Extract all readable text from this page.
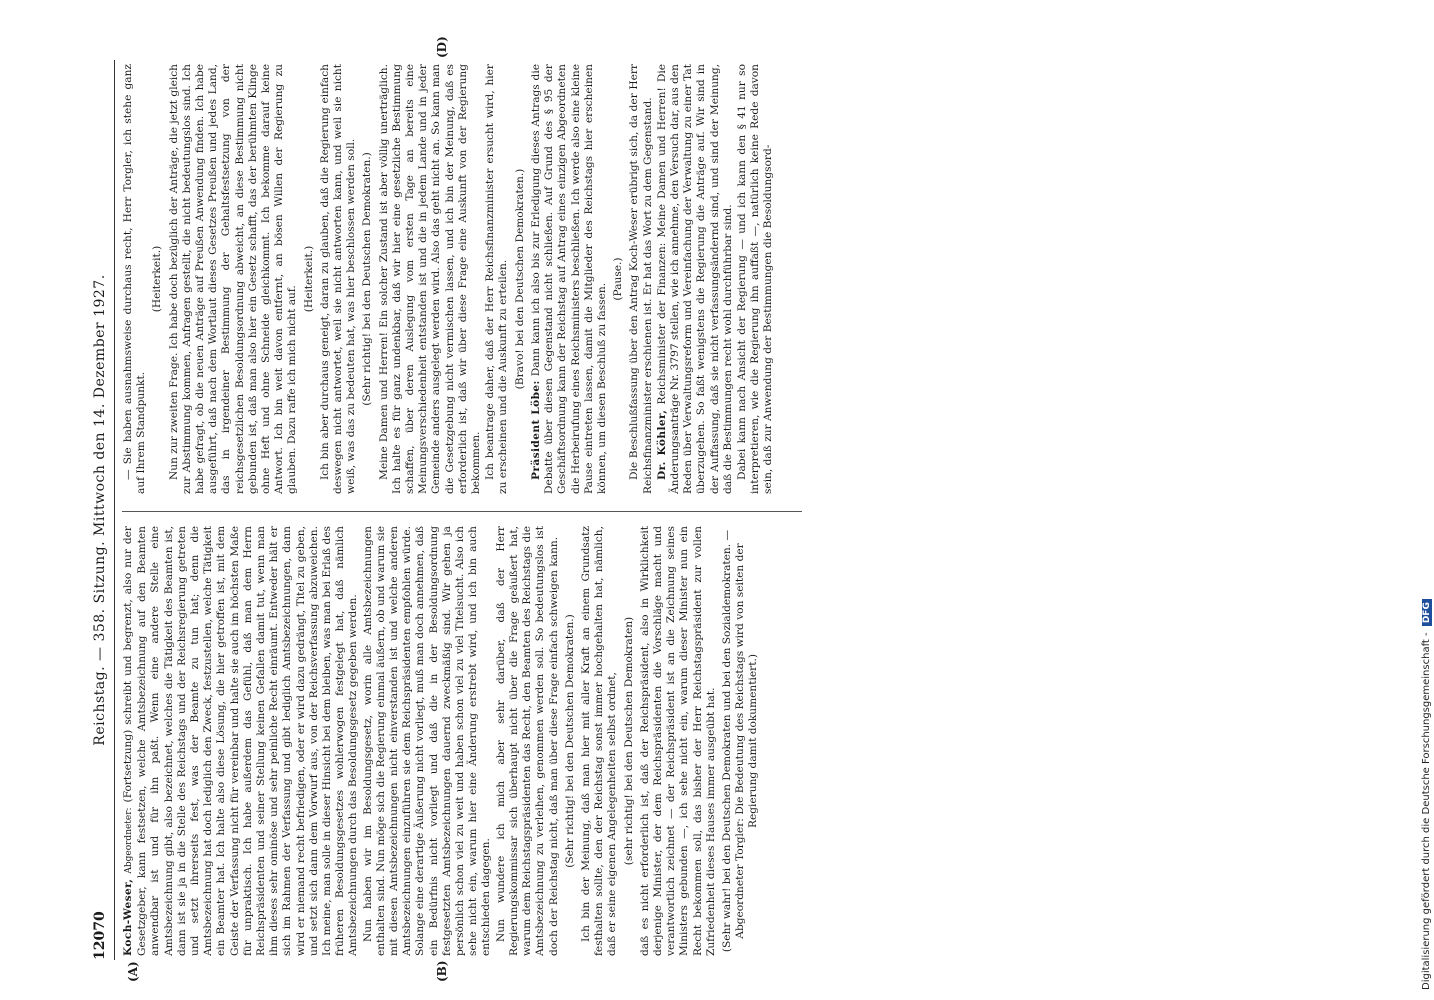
12070
Reichstag. — 358. Sitzung. Mittwoch den 14. Dezember 1927.
(A)	(B)
(D)

Koch-Weser, Abgeordneter: (Fortsetzung) schreibt und begrenzt, also nur der Gesetzgeber, kann festsetzen, welche Amtsbezeichnung auf den Beamten anwendbar ist und für ihn paßt. Wenn eine andere Stelle eine Amtsbezeichnung gibt, also bezeichnet, welches die Tätigkeit des Beamten ist, dann ist sie ja in die Stelle des Reichstags und der Reichsregierung getreten und setzt ihrerseits fest, was der Beamte zu tun hat; denn die Amtsbezeichnung hat doch lediglich den Zweck, festzustellen, welche Tätigkeit ein Beamter hat. Ich halte also diese Lösung, die hier getroffen ist, mit dem Geiste der Verfassung nicht für vereinbar und halte sie auch im höchsten Maße für unpraktisch. Ich habe außerdem das Gefühl, daß man dem Herrn Reichspräsidenten und seiner Stellung keinen Gefallen damit tut, wenn man ihm dieses sehr ominöse und sehr peinliche Recht einräumt. Entweder hält er sich im Rahmen der Verfassung und gibt lediglich Amtsbezeichnungen, dann wird er niemand recht befriedigen, oder er wird dazu gedrängt, Titel zu geben, und setzt sich dann dem Vorwurf aus, von der Reichsverfassung abzuweichen. Ich meine, man solle in dieser Hinsicht bei dem bleiben, was man bei Erlaß des früheren Besoldungsgesetzes wohlerwogen festgelegt hat, daß nämlich Amtsbezeichnungen durch das Besoldungsgesetz gegeben werden. Nun haben wir im Besoldungsgesetz, worin alle Amtsbezeichnungen enthalten sind. Nun möge sich die Regierung einmal äußern, ob und warum sie mit diesen Amtsbezeichnungen nicht einverstanden ist und welche anderen Amtsbezeichnungen einzuführen sie dem Reichspräsidenten empfohlen würde. Solange eine derartige Äußerung nicht vorliegt, muß man doch annehmen, daß ein Bedürfnis nicht vorliegt und daß die in der Besoldungsordnung festgesetzten Amtsbezeichnungen dauernd zweckmäßig sind. Wir gehen ja persönlich schon viel zu weit und haben schon viel zu viel Titelsucht. Also ich sehe nicht ein, warum hier eine Änderung erstrebt wird, und ich bin auch entschieden dagegen. Nun wundere ich mich aber sehr darüber, daß der Herr Regierungskommissar sich überhaupt nicht über die Frage geäußert hat, warum dem Reichstagspräsidenten das Recht, den Beamten des Reichstags die Amtsbezeichnung zu verleihen, genommen werden soll. So bedeutungslos ist doch der Reichstag nicht, daß man über diese Frage einfach schweigen kann. (Sehr richtig! bei den Deutschen Demokraten.) Ich bin der Meinung, daß man hier mit aller Kraft an einem Grundsatz festhalten sollte, den der Reichstag sonst immer hochgehalten hat, nämlich, daß er seine eigenen Angelegenheiten selbst ordnet, (sehr richtig! bei den Deutschen Demokraten) daß es nicht erforderlich ist, daß der Reichspräsident, also in Wirklichkeit derjenige Minister, der dem Reichspräsidenten die Vorschläge macht und verantwortlich zeichnet — der Reichspräsident ist an die Zeichnung seines Ministers gebunden —, ich sehe nicht ein, warum dieser Minister nun ein Recht bekommen soll, das bisher der Herr Reichstagspräsident zur vollen Zufriedenheit dieses Hauses immer ausgeübt hat. (Sehr wahr! bei den Deutschen Demokraten und bei den Sozialdemokraten. — Abgeordneter Torgler: Die Bedeutung des Reichstags wird von seiten der Regierung damit dokumentiert.)

— Sie haben ausnahmsweise durchaus recht, Herr Torgler, ich stehe ganz auf Ihrem Standpunkt.

(Heiterkeit.) Nun zur zweiten Frage. Ich habe doch bezüglich der Anträge, die jetzt gleich zur Abstimmung kommen, Anfragen gestellt, die nicht bedeutungslos sind. Ich habe gefragt, ob die neuen Anträge auf Preußen Anwendung finden. Ich habe ausgeführt, daß nach dem Wortlaut dieses Gesetzes Preußen und jedes Land, das in irgendeiner Bestimmung der Gehaltsfestsetzung von der reichsgesetzlichen Besoldungsordnung abweicht, an diese Bestimmung nicht gebunden ist, daß man also hier ein Gesetz schafft, das der berühmten Klinge ohne Heft und ohne Schneide gleichkommt. Ich bekomme darauf keine Antwort. Ich bin weit davon entfernt, an bösen Willen der Regierung zu glauben. Dazu raffe ich mich nicht auf.

(Heiterkeit.) Ich bin aber durchaus geneigt, daran zu glauben, daß die Regierung einfach deswegen nicht antwortet, weil sie nicht antworten kann, und weil sie nicht weiß, was das zu bedeuten hat, was hier beschlossen werden soll. (Sehr richtig! bei den Deutschen Demokraten.) Meine Damen und Herren! Ein solcher Zustand ist aber völlig unerträglich. Ich halte es für ganz undenkbar, daß wir hier eine gesetzliche Bestimmung schaffen, über deren Auslegung vom ersten Tage an bereits eine Meinungsverschiedenheit entstanden ist und die in jedem Lande und in jeder Gemeinde anders ausgelegt werden wird. Also das geht nicht an. So kann man die Gesetzgebung nicht vermischen lassen, und ich bin der Meinung, daß es erforderlich ist, daß wir über diese Frage eine Auskunft von der Regierung bekommen. Ich beantrage daher, daß der Herr Reichsfinanzminister ersucht wird, hier zu erscheinen und die Auskunft zu erteilen. (Bravo! bei den Deutschen Demokraten.)

Präsident Löbe: Dann kann ich also bis zur Erledigung dieses Antrags die Debatte über diesen Gegenstand nicht schließen. Auf Grund des § 95 der Geschäftsordnung kann der Reichstag auf Antrag eines einzigen Abgeordneten die Herbeirufung eines Reichsministers beschließen. Ich werde also eine kleine Pause eintreten lassen, damit die Mitglieder des Reichstags hier erscheinen können, um diesen Beschluß zu fassen.

(Pause.) Die Beschlußfassung über den Antrag Koch-Weser erübrigt sich, da der Herr Reichsfinanzminister erschienen ist. Er hat das Wort zu dem Gegenstand. Dr. Köhler, Reichsminister der Finanzen: Meine Damen und Herren! Die Änderungsanträge Nr. 3797 stellen, wie ich annehme, den Versuch dar, aus den Reden über Verwaltungsreform und Vereinfachung der Verwaltung zu einer Tat überzugehen. So faßt wenigstens die Regierung die Anträge auf. Wir sind in der Auffassung, daß sie nicht verfassungsändernd sind, und sind der Meinung, daß die Bestimmungen recht wohl durchführbar sind. Dabei kann nach Ansicht der Regierung — und ich kann den § 41 nur so interpretieren, wie die Regierung ihn auffaßt —, natürlich keine Rede davon sein, daß zur Anwendung der Bestimmungen die Besoldungsord-

Digitalisierung gefördert durch die Deutsche Forschungsgemeinschaft - DFG
